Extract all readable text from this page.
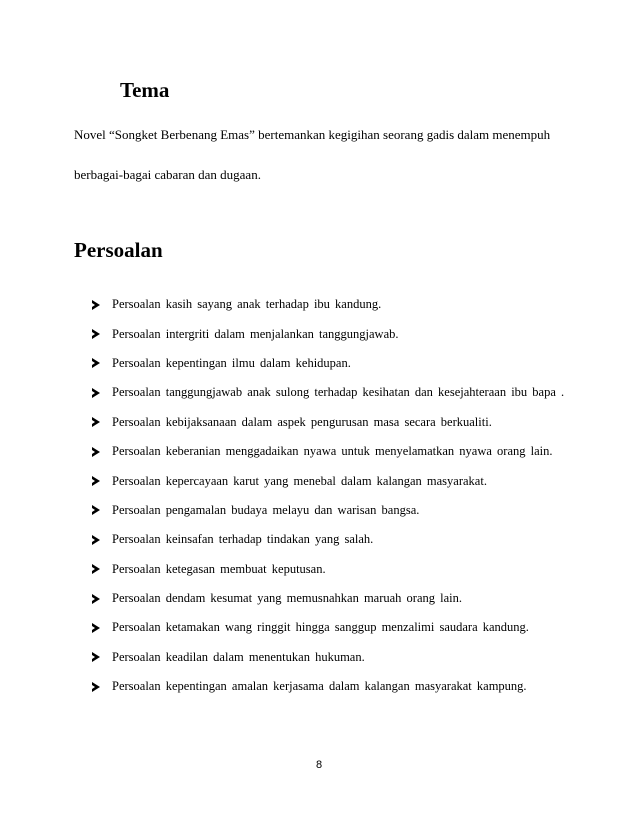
Tema

Novel “Songket Berbenang Emas” bertemankan kegigihan seorang gadis dalam menempuh

berbagai-bagai cabaran dan dugaan.

Persoalan
Persoalan kasih sayang anak terhadap ibu kandung.
Persoalan intergriti dalam menjalankan tanggungjawab.
Persoalan kepentingan ilmu dalam kehidupan.
Persoalan tanggungjawab anak sulong terhadap kesihatan dan kesejahteraan ibu bapa .
Persoalan kebijaksanaan dalam aspek pengurusan masa secara berkualiti.
Persoalan keberanian menggadaikan nyawa untuk menyelamatkan nyawa orang lain.
Persoalan kepercayaan karut yang menebal dalam kalangan masyarakat.
Persoalan pengamalan budaya melayu dan warisan bangsa.
Persoalan keinsafan terhadap tindakan yang salah.
Persoalan ketegasan membuat keputusan.
Persoalan dendam kesumat yang memusnahkan maruah orang lain.
Persoalan ketamakan wang ringgit hingga sanggup menzalimi saudara kandung.
Persoalan keadilan dalam menentukan hukuman.
Persoalan kepentingan amalan kerjasama dalam kalangan masyarakat kampung.

8
